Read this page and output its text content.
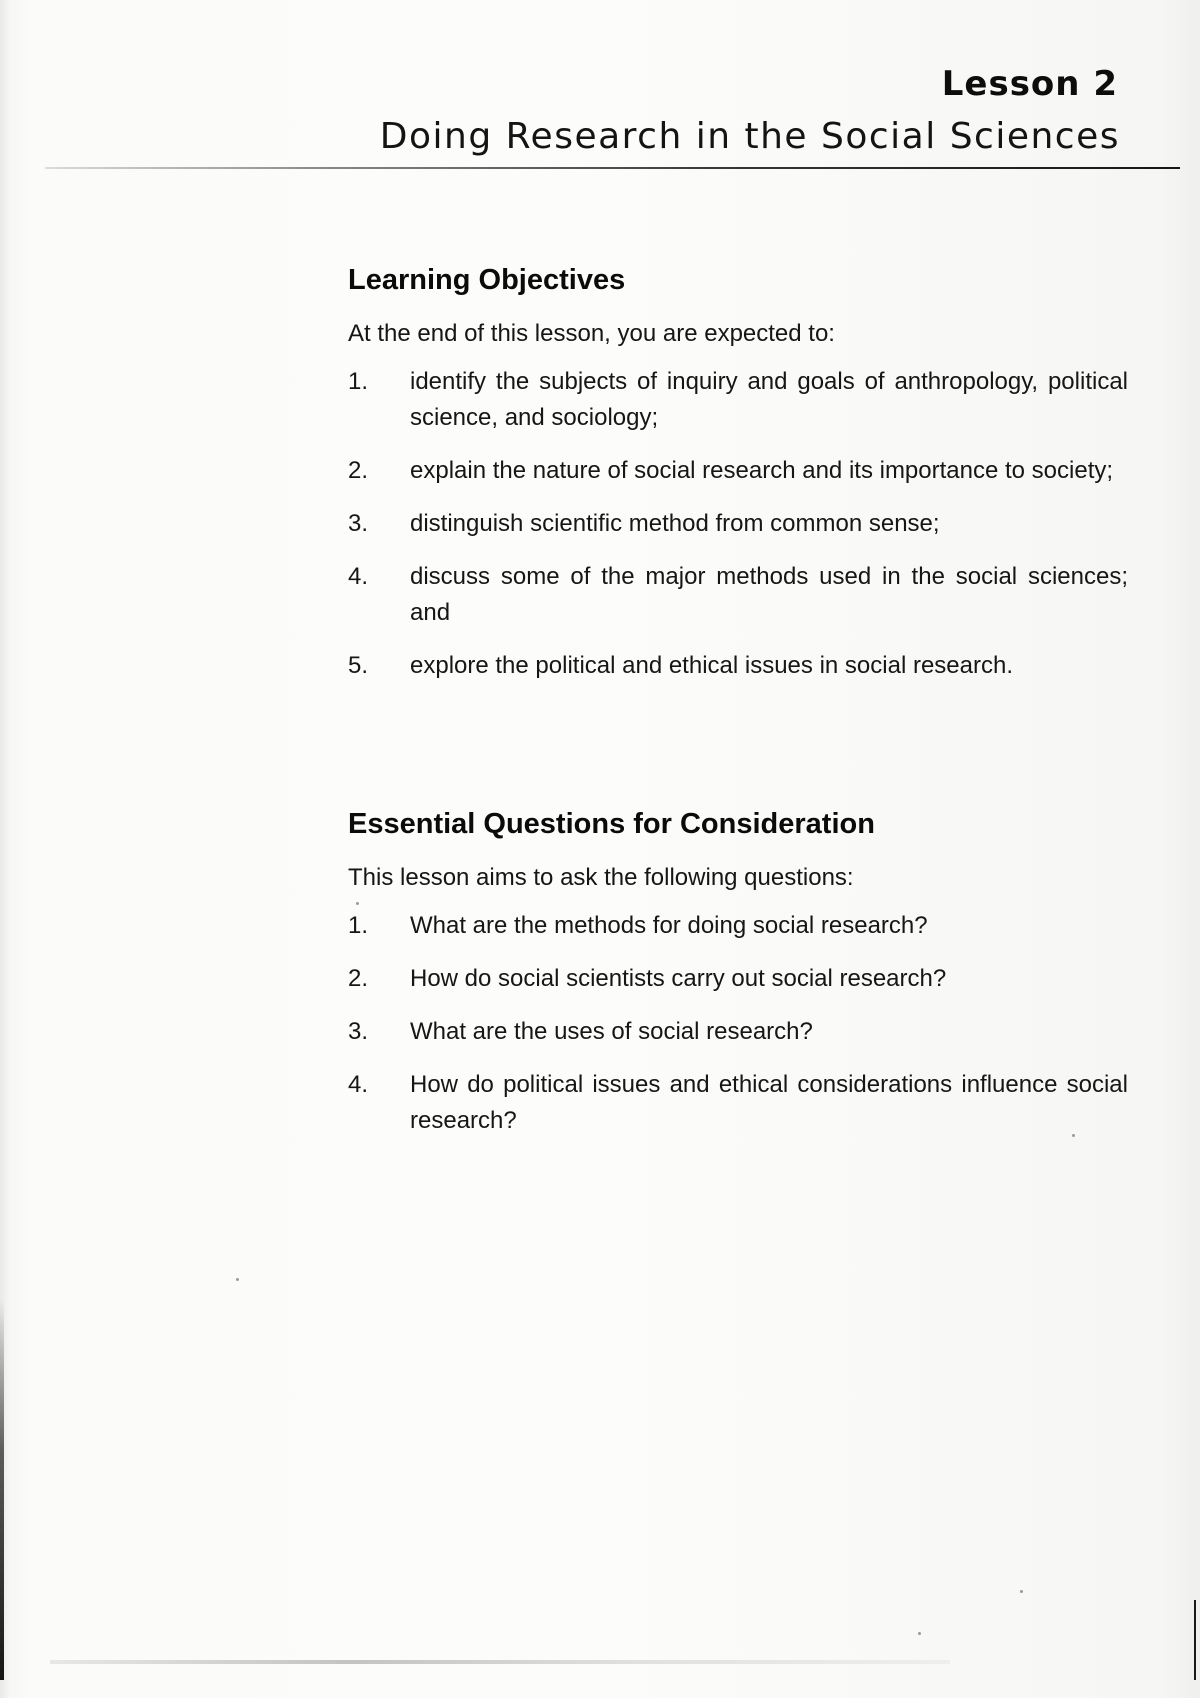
Lesson 2
Doing Research in the Social Sciences
Learning Objectives

At the end of this lesson, you are expected to:

1.	identify the subjects of inquiry and goals of anthropology, political science, and sociology;
2.	explain the nature of social research and its importance to society;
3.	distinguish scientific method from common sense;
4.	discuss some of the major methods used in the social sciences; and
5.	explore the political and ethical issues in social research.
Essential Questions for Consideration

This lesson aims to ask the following questions:

1.	What are the methods for doing social research?
2.	How do social scientists carry out social research?
3.	What are the uses of social research?
4.	How do political issues and ethical considerations influence social research?
